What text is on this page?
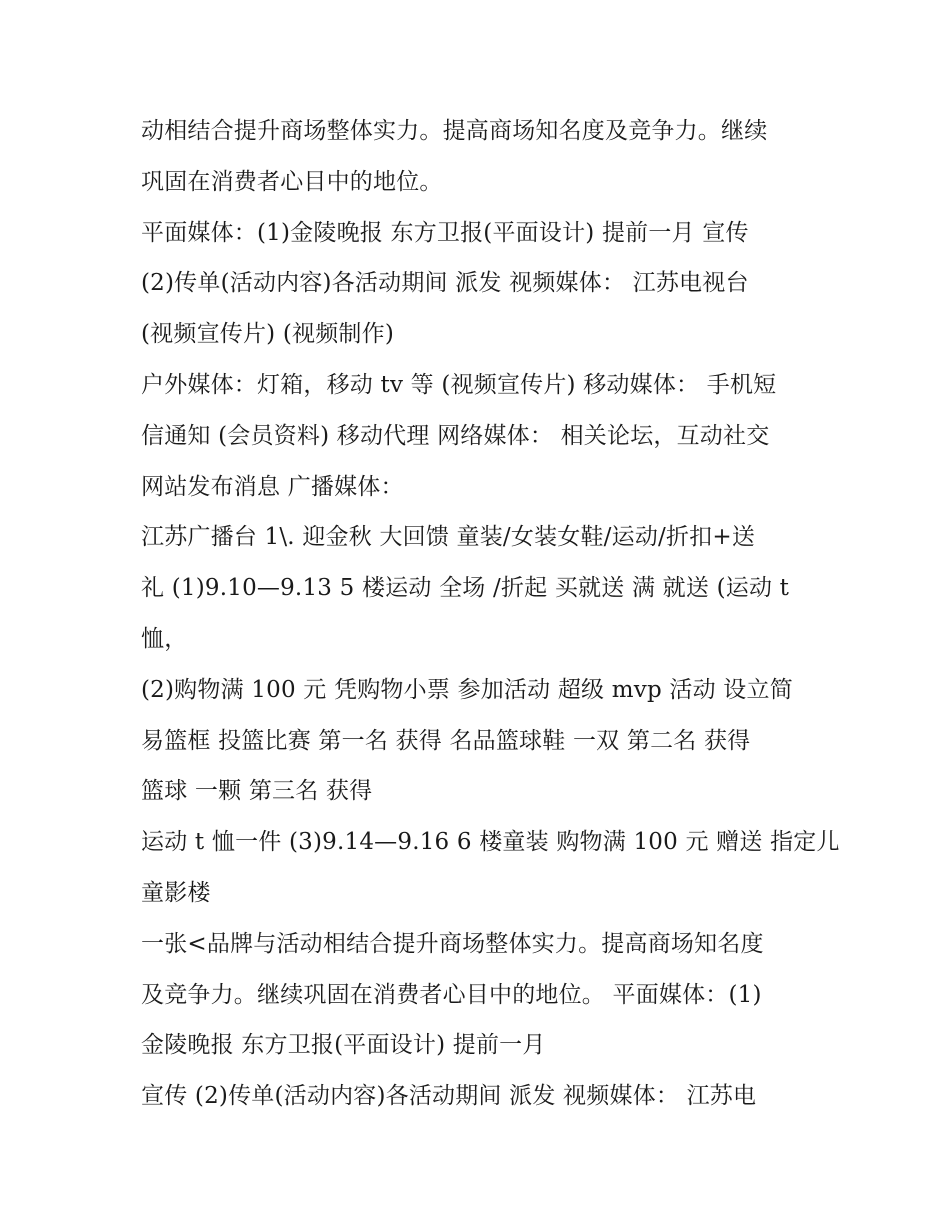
动相结合提升商场整体实力。提高商场知名度及竞争力。继续
巩固在消费者心目中的地位。
平面媒体：(1)金陵晚报 东方卫报(平面设计) 提前一月 宣传
(2)传单(活动内容)各活动期间 派发 视频媒体： 江苏电视台
(视频宣传片) (视频制作)
户外媒体：灯箱，移动 tv 等 (视频宣传片) 移动媒体： 手机短
信通知 (会员资料) 移动代理 网络媒体： 相关论坛，互动社交
网站发布消息 广播媒体：
江苏广播台 1\. 迎金秋 大回馈 童装/女装女鞋/运动/折扣+送
礼 (1)9.10—9.13 5 楼运动 全场 /折起 买就送 满 就送 (运动 t
恤，
(2)购物满 100 元 凭购物小票 参加活动 超级 mvp 活动 设立简
易篮框 投篮比赛 第一名 获得 名品篮球鞋 一双 第二名 获得
篮球 一颗 第三名 获得
运动 t 恤一件 (3)9.14—9.16 6 楼童装 购物满 100 元 赠送 指定儿
童影楼
一张<品牌与活动相结合提升商场整体实力。提高商场知名度
及竞争力。继续巩固在消费者心目中的地位。 平面媒体：(1)
金陵晚报 东方卫报(平面设计) 提前一月
宣传 (2)传单(活动内容)各活动期间 派发 视频媒体： 江苏电
